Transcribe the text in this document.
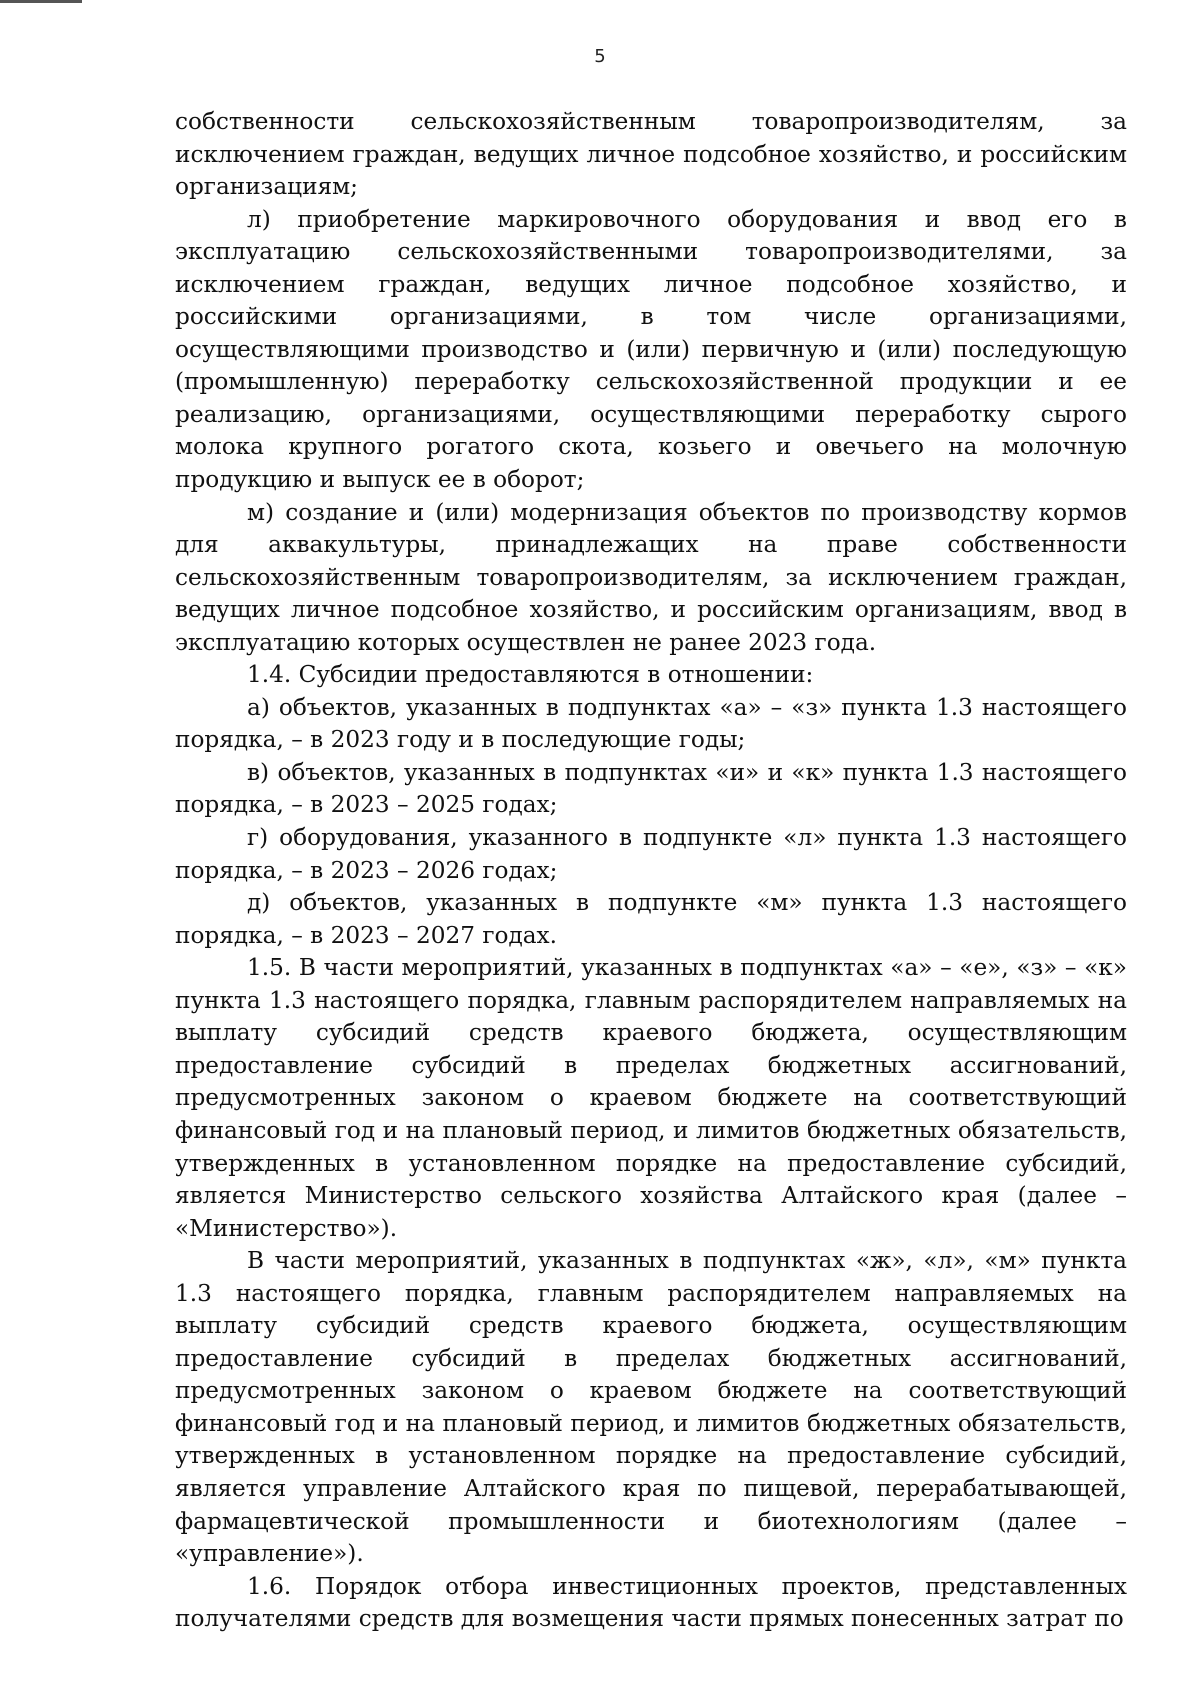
5

собственности сельскохозяйственным товаропроизводителям, за исключением граждан, ведущих личное подсобное хозяйство, и российским организациям;

л) приобретение маркировочного оборудования и ввод его в эксплуатацию сельскохозяйственными товаропроизводителями, за исключением граждан, ведущих личное подсобное хозяйство, и российскими организациями, в том числе организациями, осуществляющими производство и (или) первичную и (или) последующую (промышленную) переработку сельскохозяйственной продукции и ее реализацию, организациями, осуществляющими переработку сырого молока крупного рогатого скота, козьего и овечьего на молочную продукцию и выпуск ее в оборот;

м) создание и (или) модернизация объектов по производству кормов для аквакультуры, принадлежащих на праве собственности сельскохозяйственным товаропроизводителям, за исключением граждан, ведущих личное подсобное хозяйство, и российским организациям, ввод в эксплуатацию которых осуществлен не ранее 2023 года.

1.4. Субсидии предоставляются в отношении:

а) объектов, указанных в подпунктах «а» – «з» пункта 1.3 настоящего порядка, – в 2023 году и в последующие годы;

в) объектов, указанных в подпунктах «и» и «к» пункта 1.3 настоящего порядка, – в 2023 – 2025 годах;

г) оборудования, указанного в подпункте «л» пункта 1.3 настоящего порядка, – в 2023 – 2026 годах;

д) объектов, указанных в подпункте «м» пункта 1.3 настоящего порядка, – в 2023 – 2027 годах.

1.5. В части мероприятий, указанных в подпунктах «а» – «е», «з» – «к» пункта 1.3 настоящего порядка, главным распорядителем направляемых на выплату субсидий средств краевого бюджета, осуществляющим предоставление субсидий в пределах бюджетных ассигнований, предусмотренных законом о краевом бюджете на соответствующий финансовый год и на плановый период, и лимитов бюджетных обязательств, утвержденных в установленном порядке на предоставление субсидий, является Министерство сельского хозяйства Алтайского края (далее – «Министерство»).

В части мероприятий, указанных в подпунктах «ж», «л», «м» пункта 1.3 настоящего порядка, главным распорядителем направляемых на выплату субсидий средств краевого бюджета, осуществляющим предоставление субсидий в пределах бюджетных ассигнований, предусмотренных законом о краевом бюджете на соответствующий финансовый год и на плановый период, и лимитов бюджетных обязательств, утвержденных в установленном порядке на предоставление субсидий, является управление Алтайского края по пищевой, перерабатывающей, фармацевтической промышленности и биотехнологиям (далее – «управление»).

1.6. Порядок отбора инвестиционных проектов, представленных получателями средств для возмещения части прямых понесенных затрат по
